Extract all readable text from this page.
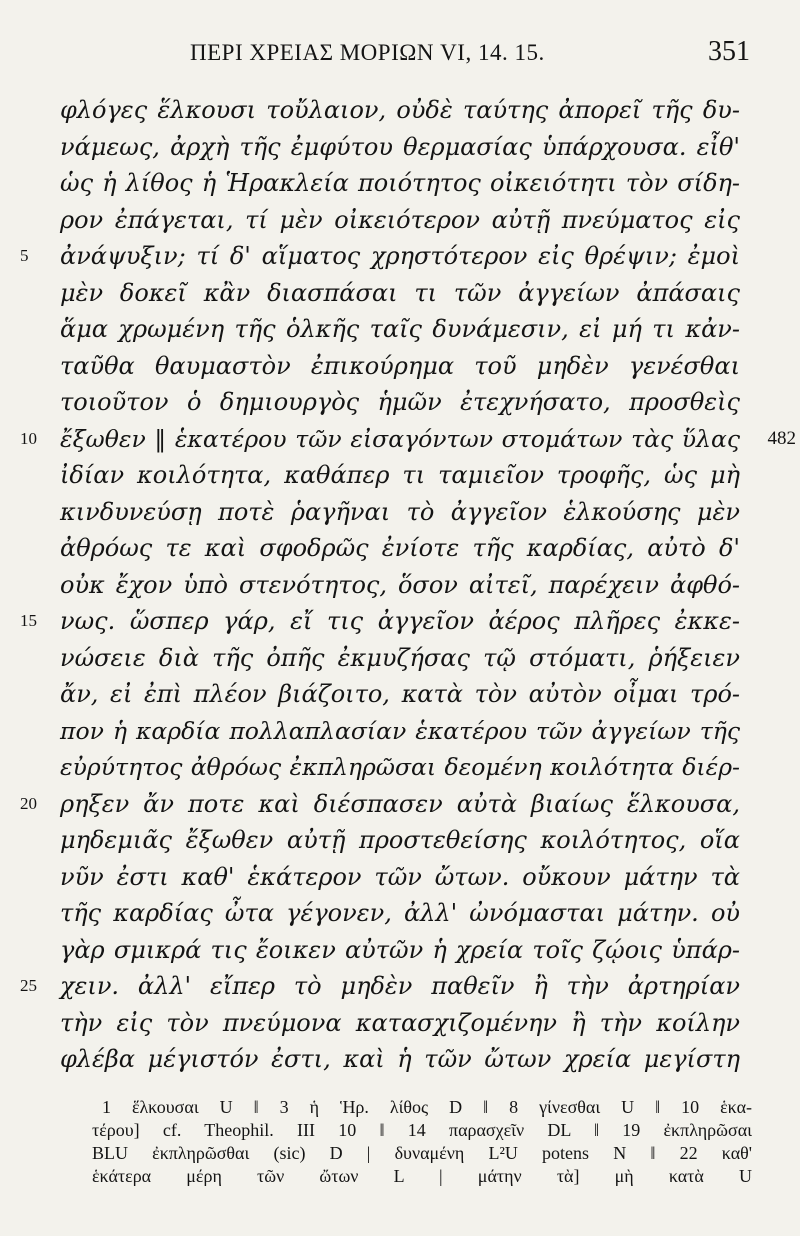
ΠΕΡΙ ΧΡΕΙΑΣ ΜΟΡΙΩΝ VI, 14. 15.	351
φλόγες ἕλκουσι τοὔλαιον, οὐδὲ ταύτης ἀπορεῖ τῆς δυ-
νάμεως, ἀρχὴ τῆς ἐμφύτου θερμασίας ὑπάρχουσα. εἶθ'
ὡς ἡ λίθος ἡ Ἡρακλεία ποιότητος οἰκειότητι τὸν σίδη-
ρον ἐπάγεται, τί μὲν οἰκειότερον αὐτῇ πνεύματος εἰς
5	ἀνάψυξιν; τί δ' αἵματος χρηστότερον εἰς θρέψιν; ἐμοὶ
μὲν δοκεῖ κἂν διασπάσαι τι τῶν ἀγγείων ἀπάσαις
ἅμα χρωμένη τῆς ὁλκῆς ταῖς δυνάμεσιν, εἰ μή τι κἀν-
ταῦθα θαυμαστὸν ἐπικούρημα τοῦ μηδὲν γενέσθαι
τοιοῦτον ὁ δημιουργὸς ἡμῶν ἐτεχνήσατο, προσθεὶς
10 ἔξωθεν ‖ ἑκατέρου τῶν εἰσαγόντων στομάτων τὰς ὕλας 482
ἰδίαν κοιλότητα, καθάπερ τι ταμιεῖον τροφῆς, ὡς μὴ
κινδυνεύσῃ ποτὲ ῥαγῆναι τὸ ἀγγεῖον ἑλκούσης μὲν
ἀθρόως τε καὶ σφοδρῶς ἐνίοτε τῆς καρδίας, αὐτὸ δ'
οὐκ ἔχον ὑπὸ στενότητος, ὅσον αἰτεῖ, παρέχειν ἀφθό-
15 νως. ὥσπερ γάρ, εἴ τις ἀγγεῖον ἀέρος πλῆρες ἐκκε-
νώσειε διὰ τῆς ὀπῆς ἐκμυζήσας τῷ στόματι, ῥήξειεν
ἄν, εἰ ἐπὶ πλέον βιάζοιτο, κατὰ τὸν αὐτὸν οἶμαι τρό-
πον ἡ καρδία πολλαπλασίαν ἑκατέρου τῶν ἀγγείων τῆς
εὐρύτητος ἀθρόως ἐκπληρῶσαι δεομένη κοιλότητα διέρ-
20 ρηξεν ἄν ποτε καὶ διέσπασεν αὐτὰ βιαίως ἕλκουσα,
μηδεμιᾶς ἔξωθεν αὐτῇ προστεθείσης κοιλότητος, οἵα
νῦν ἐστι καθ' ἑκάτερον τῶν ὤτων. οὔκουν μάτην τὰ
τῆς καρδίας ὦτα γέγονεν, ἀλλ' ὠνόμασται μάτην. οὐ
γὰρ σμικρά τις ἔοικεν αὐτῶν ἡ χρεία τοῖς ζῴοις ὑπάρ-
25 χειν. ἀλλ' εἴπερ τὸ μηδὲν παθεῖν ἢ τὴν ἀρτηρίαν
τὴν εἰς τὸν πνεύμονα κατασχιζομένην ἢ τὴν κοίλην
φλέβα μέγιστόν ἐστι, καὶ ἡ τῶν ὤτων χρεία μεγίστη
1 ἕλκουσαι U ‖ 3 ἡ Ἡρ. λίθος D ‖ 8 γίνεσθαι U ‖ 10 ἑκα-
τέρου] cf. Theophil. III 10 ‖ 14 παρασχεῖν DL ‖ 19 ἐκπληρῶσαι
BLU ἐκπληρῶσθαι (sic) D | δυναμένη L²U potens N ‖ 22 καθ'
ἑκάτερα μέρη τῶν ὤτων L | μάτην τὰ] μὴ κατὰ U
